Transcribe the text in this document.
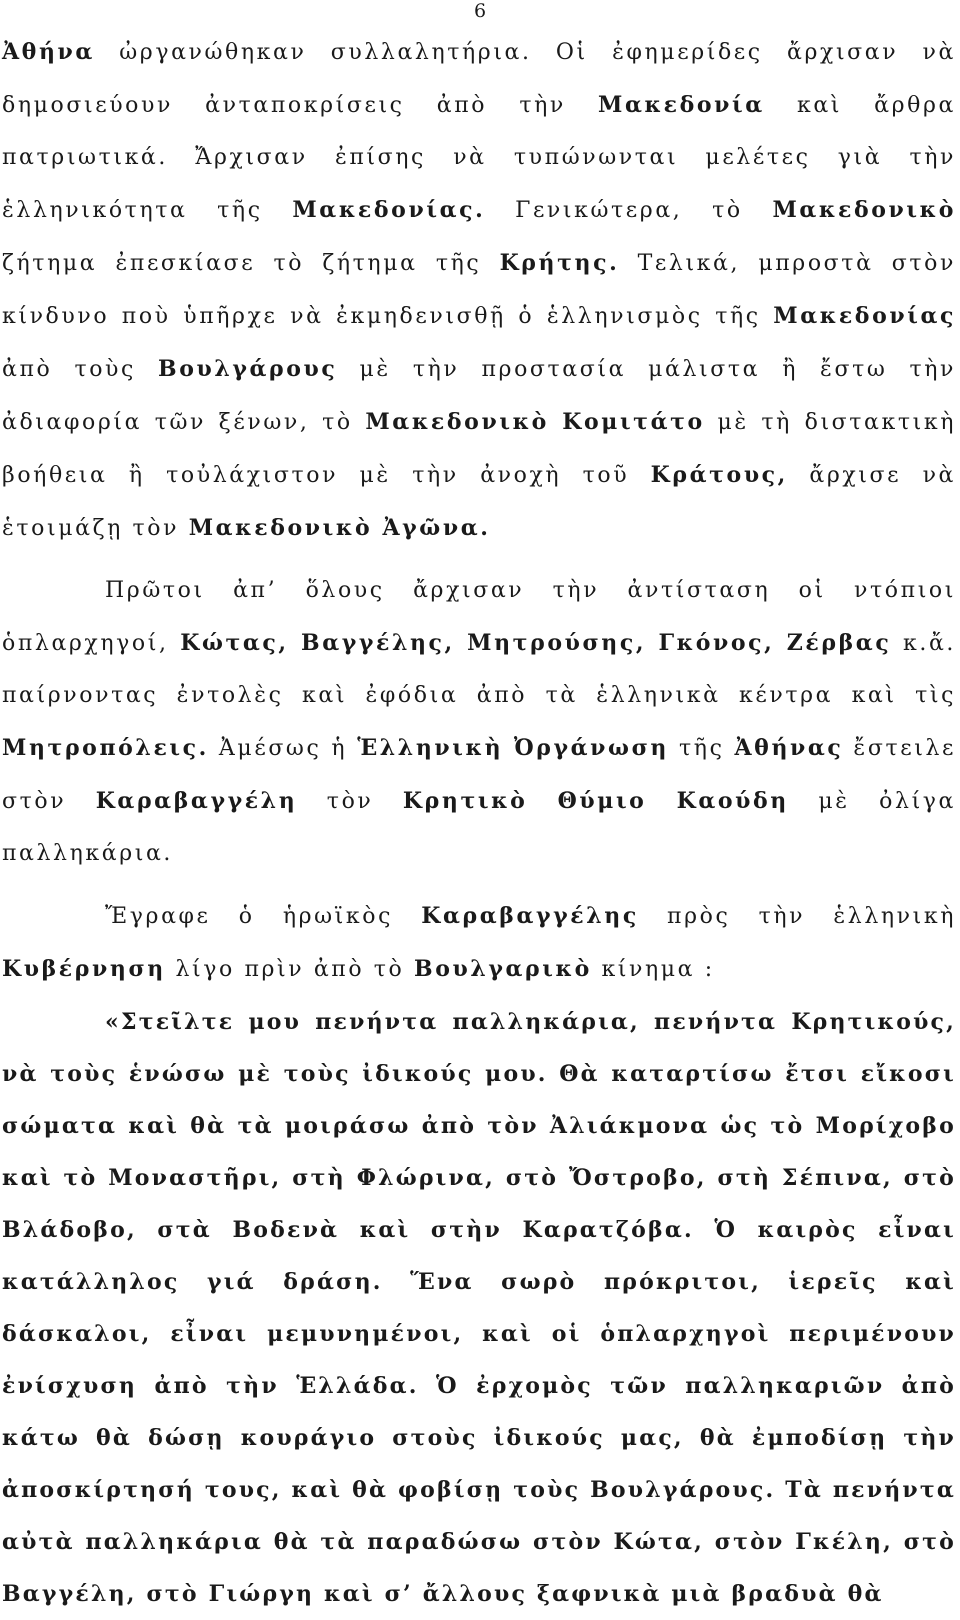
6

Ἀθήνα ὠργανώθηκαν συλλαλητήρια. Οἱ ἐφημερίδες ἄρχισαν νὰ δημοσιεύουν ἀνταποκρίσεις ἀπὸ τὴν Μακεδονία καὶ ἄρθρα πατριωτικά. Ἄρχισαν ἐπίσης νὰ τυπώνωνται μελέτες γιὰ τὴν ἑλληνικότητα τῆς Μακεδονίας. Γενικώτερα, τὸ Μακεδονικὸ ζήτημα ἐπεσκίασε τὸ ζήτημα τῆς Κρήτης. Τελικά, μπροστὰ στὸν κίνδυνο ποὺ ὑπῆρχε νὰ ἐκμηδενισθῇ ὁ ἑλληνισμὸς τῆς Μακεδονίας ἀπὸ τοὺς Βουλγάρους μὲ τὴν προστασία μάλιστα ἢ ἔστω τὴν ἀδιαφορία τῶν ξένων, τὸ Μακεδονικὸ Κομιτάτο μὲ τὴ διστακτικὴ βοήθεια ἢ τοὐλάχιστον μὲ τὴν ἀνοχὴ τοῦ Κράτους, ἄρχισε νὰ ἑτοιμάζῃ τὸν Μακεδονικὸ Ἀγῶνα.

Πρῶτοι ἀπ’ ὅλους ἄρχισαν τὴν ἀντίσταση οἱ ντόπιοι ὁπλαρχηγοί, Κώτας, Βαγγέλης, Μητρούσης, Γκόνος, Ζέρβας κ.ἄ. παίρνοντας ἐντολὲς καὶ ἐφόδια ἀπὸ τὰ ἑλληνικὰ κέντρα καὶ τὶς Μητροπόλεις. Ἀμέσως ἡ Ἑλληνικὴ Ὀργάνωση τῆς Ἀθήνας ἔστειλε στὸν Καραβαγγέλη τὸν Κρητικὸ Θύμιο Καούδη μὲ ὀλίγα παλληκάρια.

Ἔγραφε ὁ ἡρωϊκὸς Καραβαγγέλης πρὸς τὴν ἑλληνικὴ Κυβέρνηση λίγο πρὶν ἀπὸ τὸ Βουλγαρικὸ κίνημα :

«Στεῖλτε μου πενήντα παλληκάρια, πενήντα Κρητικούς, νὰ τοὺς ἑνώσω μὲ τοὺς ἰδικούς μου. Θὰ καταρτίσω ἔτσι εἴκοσι σώματα καὶ θὰ τὰ μοιράσω ἀπὸ τὸν Ἀλιάκμονα ὡς τὸ Μορίχοβο καὶ τὸ Μοναστῆρι, στὴ Φλώρινα, στὸ Ὄστροβο, στὴ Σέπινα, στὸ Βλάδοβο, στὰ Βοδενὰ καὶ στὴν Καρατζόβα. Ὁ καιρὸς εἶναι κατάλληλος γιά δράση. Ἕνα σωρὸ πρόκριτοι, ἱερεῖς καὶ δάσκαλοι, εἶναι μεμυνημένοι, καὶ οἱ ὁπλαρχηγοὶ περιμένουν ἐνίσχυση ἀπὸ τὴν Ἑλλάδα. Ὁ ἐρχομὸς τῶν παλληκαριῶν ἀπὸ κάτω θὰ δώσῃ κουράγιο στοὺς ἰδικούς μας, θὰ ἐμποδίσῃ τὴν ἀποσκίρτησή τους, καὶ θὰ φοβίσῃ τοὺς Βουλγάρους. Τὰ πενήντα αὐτὰ παλληκάρια θὰ τὰ παραδώσω στὸν Κώτα, στὸν Γκέλη, στὸ Βαγγέλη, στὸ Γιώργη καὶ σ’ ἄλλους ξαφνικὰ μιὰ βραδυὰ θὰ
